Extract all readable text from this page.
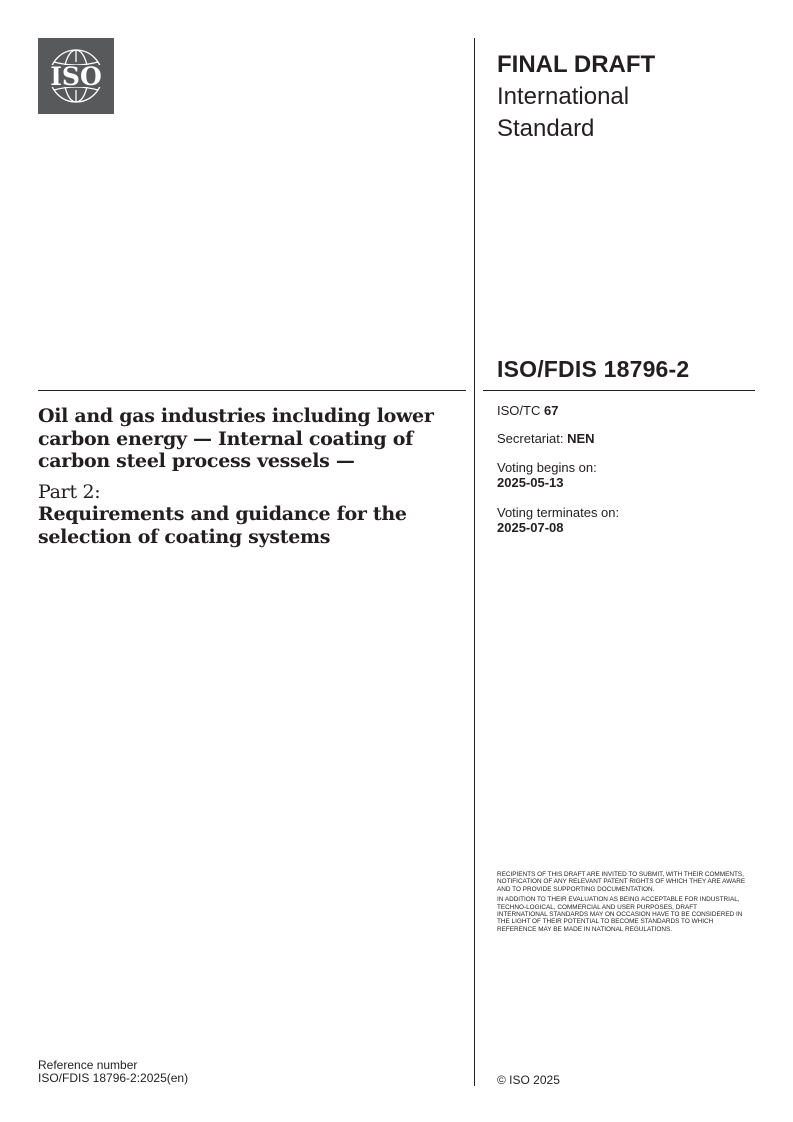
ISO	FINAL DRAFT
International
Standard
ISO/FDIS 18796-2
ISO/TC 67
Secretariat: NEN
Voting begins on:
2025-05-13
Voting terminates on:
2025-07-08
Oil and gas industries including lower carbon energy — Internal coating of carbon steel process vessels —
Part 2:
Requirements and guidance for the selection of coating systems

RECIPIENTS OF THIS DRAFT ARE INVITED TO SUBMIT, WITH THEIR COMMENTS, NOTIFICATION OF ANY RELEVANT PATENT RIGHTS OF WHICH THEY ARE AWARE AND TO PROVIDE SUPPORTING DOCUMENTATION.

IN ADDITION TO THEIR EVALUATION AS BEING ACCEPTABLE FOR INDUSTRIAL, TECHNO-LOGICAL, COMMERCIAL AND USER PURPOSES, DRAFT INTERNATIONAL STANDARDS MAY ON OCCASION HAVE TO BE CONSIDERED IN THE LIGHT OF THEIR POTENTIAL TO BECOME STANDARDS TO WHICH REFERENCE MAY BE MADE IN NATIONAL REGULATIONS.

Reference number
ISO/FDIS 18796-2:2025(en)	© ISO 2025
